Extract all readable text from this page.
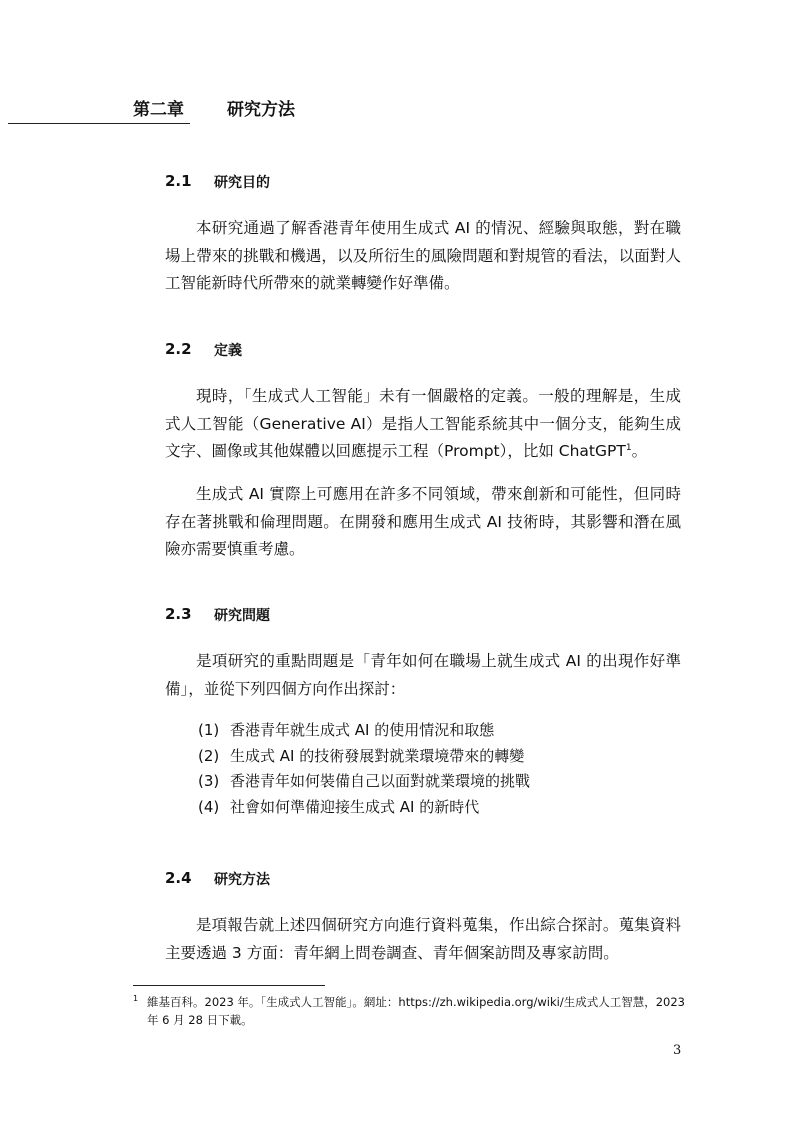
第二章	研究方法
2.1 研究目的
本研究通過了解香港青年使用生成式 AI 的情況、經驗與取態，對在職場上帶來的挑戰和機遇，以及所衍生的風險問題和對規管的看法，以面對人工智能新時代所帶來的就業轉變作好準備。
2.2 定義
現時，「生成式人工智能」未有一個嚴格的定義。一般的理解是，生成式人工智能（Generative AI）是指人工智能系統其中一個分支，能夠生成文字、圖像或其他媒體以回應提示工程（Prompt），比如 ChatGPT$^1$。
生成式 AI 實際上可應用在許多不同領域，帶來創新和可能性，但同時存在著挑戰和倫理問題。在開發和應用生成式 AI 技術時，其影響和潛在風險亦需要慎重考慮。
2.3 研究問題
是項研究的重點問題是「青年如何在職場上就生成式 AI 的出現作好準備」，並從下列四個方向作出探討：
(1) 香港青年就生成式 AI 的使用情況和取態
(2) 生成式 AI 的技術發展對就業環境帶來的轉變
(3) 香港青年如何裝備自己以面對就業環境的挑戰
(4) 社會如何準備迎接生成式 AI 的新時代
2.4 研究方法
是項報告就上述四個研究方向進行資料蒐集，作出綜合探討。蒐集資料主要透過 3 方面：青年網上問卷調查、青年個案訪問及專家訪問。
$^1$ 維基百科。2023 年。「生成式人工智能」。網址：https://zh.wikipedia.org/wiki/生成式人工智慧，2023 年 6 月 28 日下載。
3
